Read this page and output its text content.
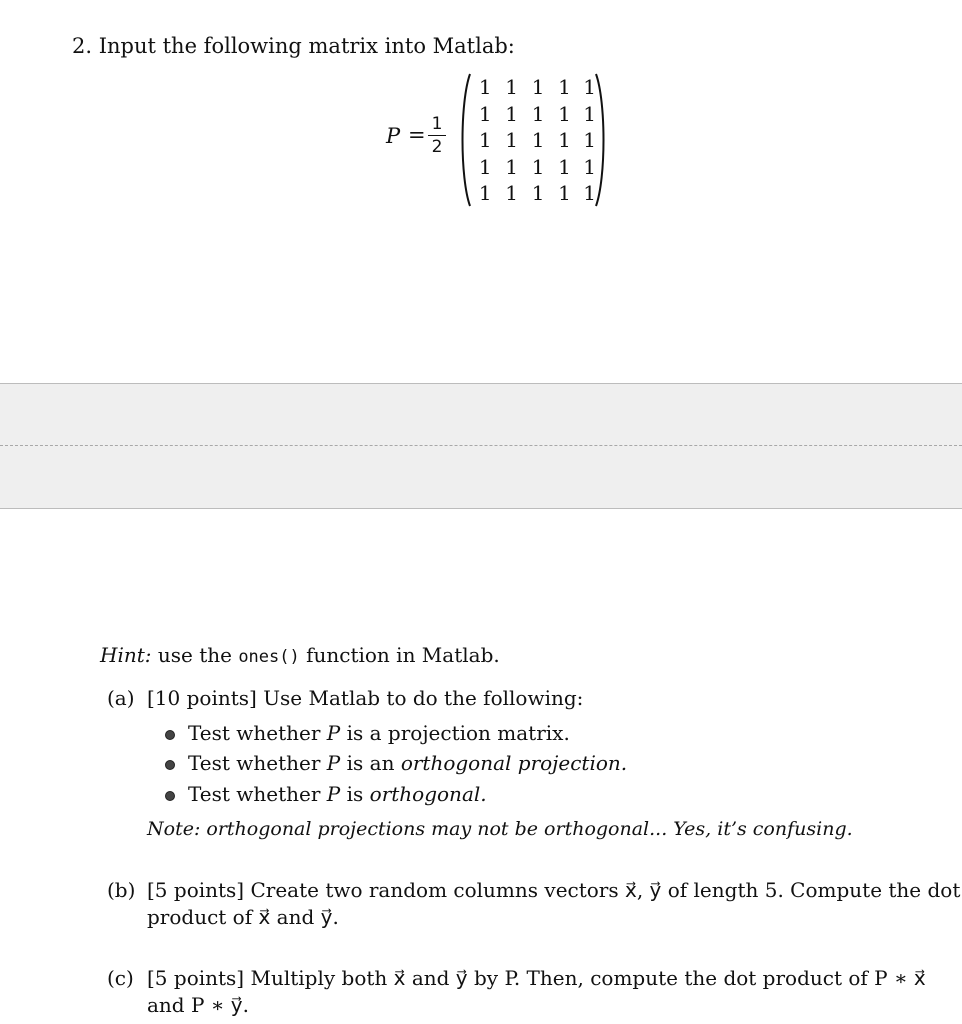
2. Input the following matrix into Matlab:
P = 1
2
1 1 1 1 1
1 1 1 1 1
1 1 1 1 1
1 1 1 1 1
1 1 1 1 1
Hint: use the ones() function in Matlab.
(a) [10 points] Use Matlab to do the following:
Test whether P is a projection matrix.
Test whether P is an orthogonal projection.
Test whether P is orthogonal.
Note: orthogonal projections may not be orthogonal... Yes, it’s confusing.
(b) [5 points] Create two random columns vectors x⃗, y⃗ of length 5. Compute the dot
product of x⃗ and y⃗.
(c) [5 points] Multiply both x⃗ and y⃗ by P. Then, compute the dot product of P ∗ x⃗
and P ∗ y⃗.
